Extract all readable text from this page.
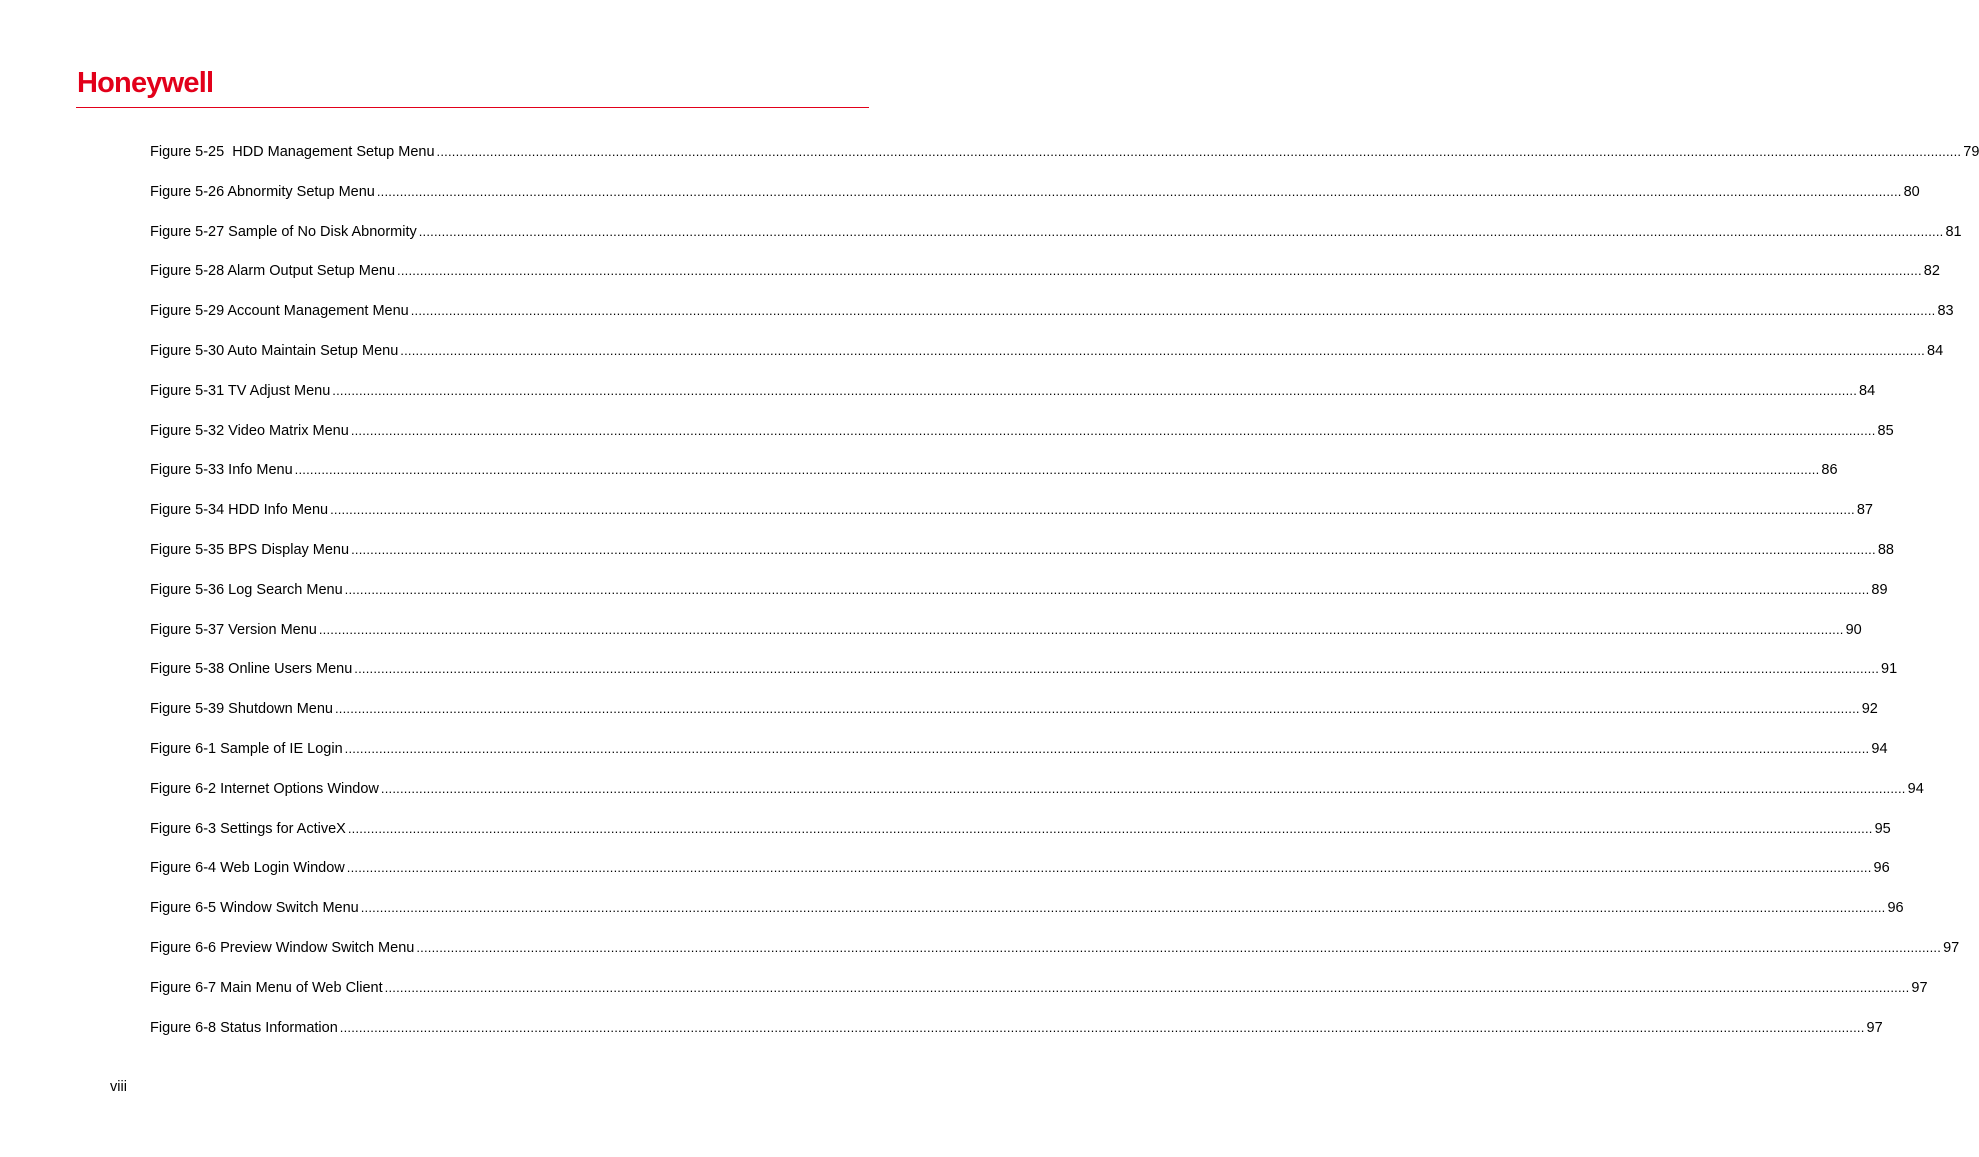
Honeywell
Figure 5-25  HDD Management Setup Menu ................................................................................................................................................................................................................................................................................................................................................................................................................ 79
Figure 5-26 Abnormity Setup Menu ................................................................................................................................................................................................................................................................................................................................................................................................................ 80
Figure 5-27 Sample of No Disk Abnormity ................................................................................................................................................................................................................................................................................................................................................................................................................ 81
Figure 5-28 Alarm Output Setup Menu ................................................................................................................................................................................................................................................................................................................................................................................................................ 82
Figure 5-29 Account Management Menu ................................................................................................................................................................................................................................................................................................................................................................................................................ 83
Figure 5-30 Auto Maintain Setup Menu ................................................................................................................................................................................................................................................................................................................................................................................................................ 84
Figure 5-31 TV Adjust Menu ................................................................................................................................................................................................................................................................................................................................................................................................................ 84
Figure 5-32 Video Matrix Menu ................................................................................................................................................................................................................................................................................................................................................................................................................ 85
Figure 5-33 Info Menu ................................................................................................................................................................................................................................................................................................................................................................................................................ 86
Figure 5-34 HDD Info Menu ................................................................................................................................................................................................................................................................................................................................................................................................................ 87
Figure 5-35 BPS Display Menu ................................................................................................................................................................................................................................................................................................................................................................................................................ 88
Figure 5-36 Log Search Menu ................................................................................................................................................................................................................................................................................................................................................................................................................ 89
Figure 5-37 Version Menu ................................................................................................................................................................................................................................................................................................................................................................................................................ 90
Figure 5-38 Online Users Menu ................................................................................................................................................................................................................................................................................................................................................................................................................ 91
Figure 5-39 Shutdown Menu ................................................................................................................................................................................................................................................................................................................................................................................................................ 92
Figure 6-1 Sample of IE Login ................................................................................................................................................................................................................................................................................................................................................................................................................ 94
Figure 6-2 Internet Options Window ................................................................................................................................................................................................................................................................................................................................................................................................................ 94
Figure 6-3 Settings for ActiveX ................................................................................................................................................................................................................................................................................................................................................................................................................ 95
Figure 6-4 Web Login Window ................................................................................................................................................................................................................................................................................................................................................................................................................ 96
Figure 6-5 Window Switch Menu ................................................................................................................................................................................................................................................................................................................................................................................................................ 96
Figure 6-6 Preview Window Switch Menu ................................................................................................................................................................................................................................................................................................................................................................................................................ 97
Figure 6-7 Main Menu of Web Client ................................................................................................................................................................................................................................................................................................................................................................................................................ 97
Figure 6-8 Status Information ................................................................................................................................................................................................................................................................................................................................................................................................................ 97
viii
